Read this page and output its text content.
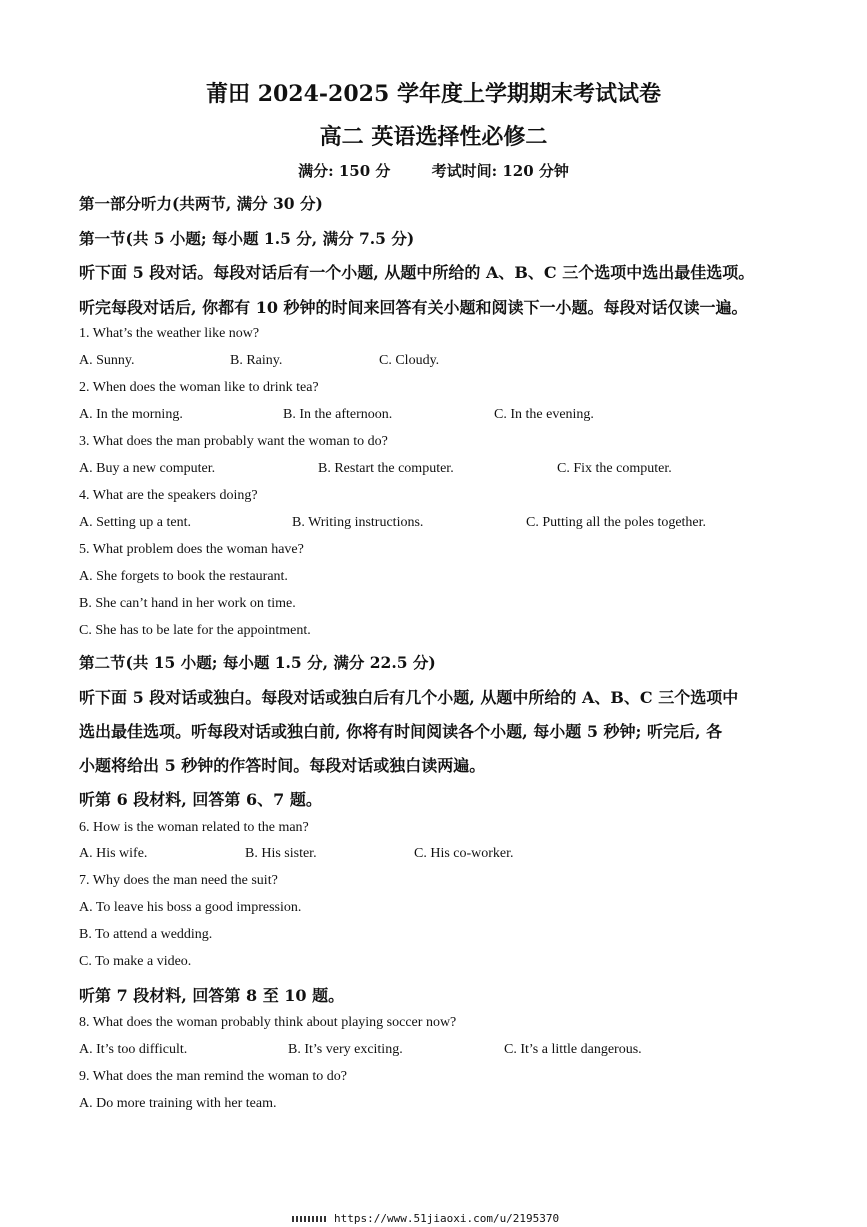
莆田 2024-2025 学年度上学期期末考试试卷
高二 英语选择性必修二
满分: 150 分	考试时间: 120 分钟
第一部分听力(共两节, 满分 30 分)
第一节(共 5 小题; 每小题 1.5 分, 满分 7.5 分)
听下面 5 段对话。每段对话后有一个小题, 从题中所给的 A、B、C 三个选项中选出最佳选项。
听完每段对话后, 你都有 10 秒钟的时间来回答有关小题和阅读下一小题。每段对话仅读一遍。
1. What’s the weather like now?
A. Sunny.	B. Rainy.	C. Cloudy.
2. When does the woman like to drink tea?
A. In the morning.	B. In the afternoon.	C. In the evening.
3. What does the man probably want the woman to do?
A. Buy a new computer.	B. Restart the computer.	C. Fix the computer.
4. What are the speakers doing?
A. Setting up a tent.	B. Writing instructions.	C. Putting all the poles together.
5. What problem does the woman have?
A. She forgets to book the restaurant.
B. She can’t hand in her work on time.
C. She has to be late for the appointment.
第二节(共 15 小题; 每小题 1.5 分, 满分 22.5 分)
听下面 5 段对话或独白。每段对话或独白后有几个小题, 从题中所给的 A、B、C 三个选项中
选出最佳选项。听每段对话或独白前, 你将有时间阅读各个小题, 每小题 5 秒钟; 听完后, 各
小题将给出 5 秒钟的作答时间。每段对话或独白读两遍。
听第 6 段材料, 回答第 6、7 题。
6. How is the woman related to the man?
A. His wife.	B. His sister.	C. His co-worker.
7. Why does the man need the suit?
A. To leave his boss a good impression.
B. To attend a wedding.
C. To make a video.
听第 7 段材料, 回答第 8 至 10 题。
8. What does the woman probably think about playing soccer now?
A. It’s too difficult.	B. It’s very exciting.	C. It’s a little dangerous.
9. What does the man remind the woman to do?
A. Do more training with her team.
https://www.51jiaoxi.com/u/2195370
